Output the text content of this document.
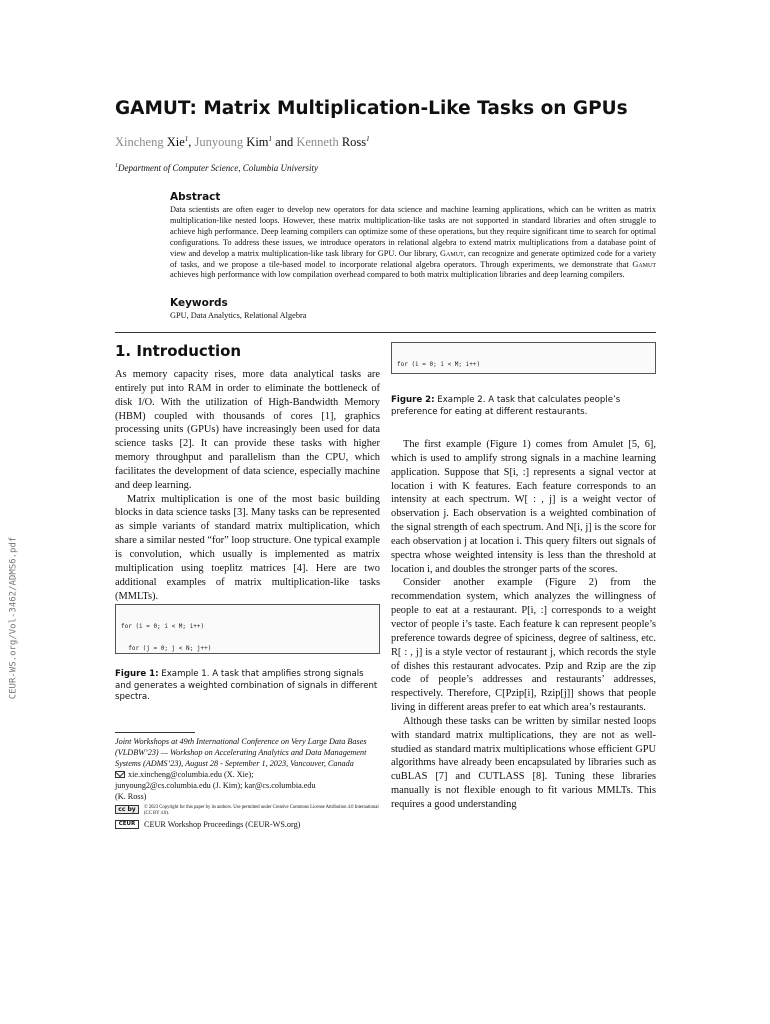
CEUR-WS.org/Vol-3462/ADMS6.pdf
GAMUT: Matrix Multiplication-Like Tasks on GPUs
Xincheng Xie$^1$, Junyoung Kim$^1$ and Kenneth Ross$^1$
$^1$Department of Computer Science, Columbia University
Abstract
Data scientists are often eager to develop new operators for data science and machine learning applications, which can be written as matrix multiplication-like nested loops. However, these matrix multiplication-like tasks are not supported in standard libraries and often struggle to achieve high performance. Deep learning compilers can optimize some of these operations, but they require significant time to search for optimal configurations. To address these issues, we introduce operators in relational algebra to extend matrix multiplications from a database point of view and develop a matrix multiplication-like task library for GPU. Our library, Gamut, can recognize and generate optimized code for a variety of tasks, and we propose a tile-based model to incorporate relational algebra operators. Through experiments, we demonstrate that Gamut achieves high performance with low compilation overhead compared to both matrix multiplication libraries and deep learning compilers.
Keywords
GPU, Data Analytics, Relational Algebra
1. Introduction

As memory capacity rises, more data analytical tasks are entirely put into RAM in order to eliminate the bottleneck of disk I/O. With the utilization of High-Bandwidth Memory (HBM) coupled with thousands of cores [1], graphics processing units (GPUs) have increasingly been used for data science tasks [2]. It can provide these tasks with higher memory throughput and parallelism than the CPU, which facilitates the development of data science, especially machine and deep learning.

Matrix multiplication is one of the most basic building blocks in data science tasks [3]. Many tasks can be represented as simple variants of standard matrix multiplication, which share a similar nested “for” loop structure. One typical example is convolution, which usually is implemented as matrix multiplication using toeplitz matrices [4]. Here are two additional examples of matrix multiplication-like tasks (MMLTs).

for (i = 0; i < M; i++)

for (j = 0; j < N; j++)

Figure 1: Example 1. A task that amplifies strong signals and generates a weighted combination of signals in different spectra.

for (i = 0; i < M; i++)

Figure 2: Example 2. A task that calculates people’s preference for eating at different restaurants.

The first example (Figure 1) comes from Amulet [5, 6], which is used to amplify strong signals in a machine learning application. Suppose that S[i, :] represents a signal vector at location i with K features. Each feature corresponds to an intensity at each spectrum. W[ : , j] is a weight vector of observation j. Each observation is a weighted combination of the signal strength of each spectrum. And N[i, j] is the score for each observation j at location i. This query filters out signals of spectra whose weighted intensity is less than the threshold at location i, and doubles the stronger parts of the scores.

Consider another example (Figure 2) from the recommendation system, which analyzes the willingness of people to eat at a restaurant. P[i, :] corresponds to a weight vector of people i’s taste. Each feature k can represent people’s preference towards degree of spiciness, degree of saltiness, etc. R[ : , j] is a style vector of restaurant j, which records the style of dishes this restaurant advocates. Pzip and Rzip are the zip code of people’s addresses and restaurants’ addresses, respectively. Therefore, C[Pzip[i], Rzip[j]] shows that people living in different areas prefer to eat which area’s restaurants.

Although these tasks can be written by similar nested loops with standard matrix multiplications, they are not as well-studied as standard matrix multiplications whose efficient GPU algorithms have already been encapsulated by libraries such as cuBLAS [7] and CUTLASS [8]. Tuning these libraries manually is not flexible enough to fit various MMLTs. This requires a good understanding

Joint Workshops at 49th International Conference on Very Large Data Bases (VLDBW’23) — Workshop on Accelerating Analytics and Data Management Systems (ADMS’23), August 28 - September 1, 2023, Vancouver, Canada
xie.xincheng@columbia.edu (X. Xie);
junyoung2@cs.columbia.edu (J. Kim); kar@cs.columbia.edu
(K. Ross)
cc by	© 2023 Copyright for this paper by its authors. Use permitted under Creative Commons License Attribution 4.0 International (CC BY 4.0).
CEUR	CEUR Workshop Proceedings (CEUR-WS.org)
